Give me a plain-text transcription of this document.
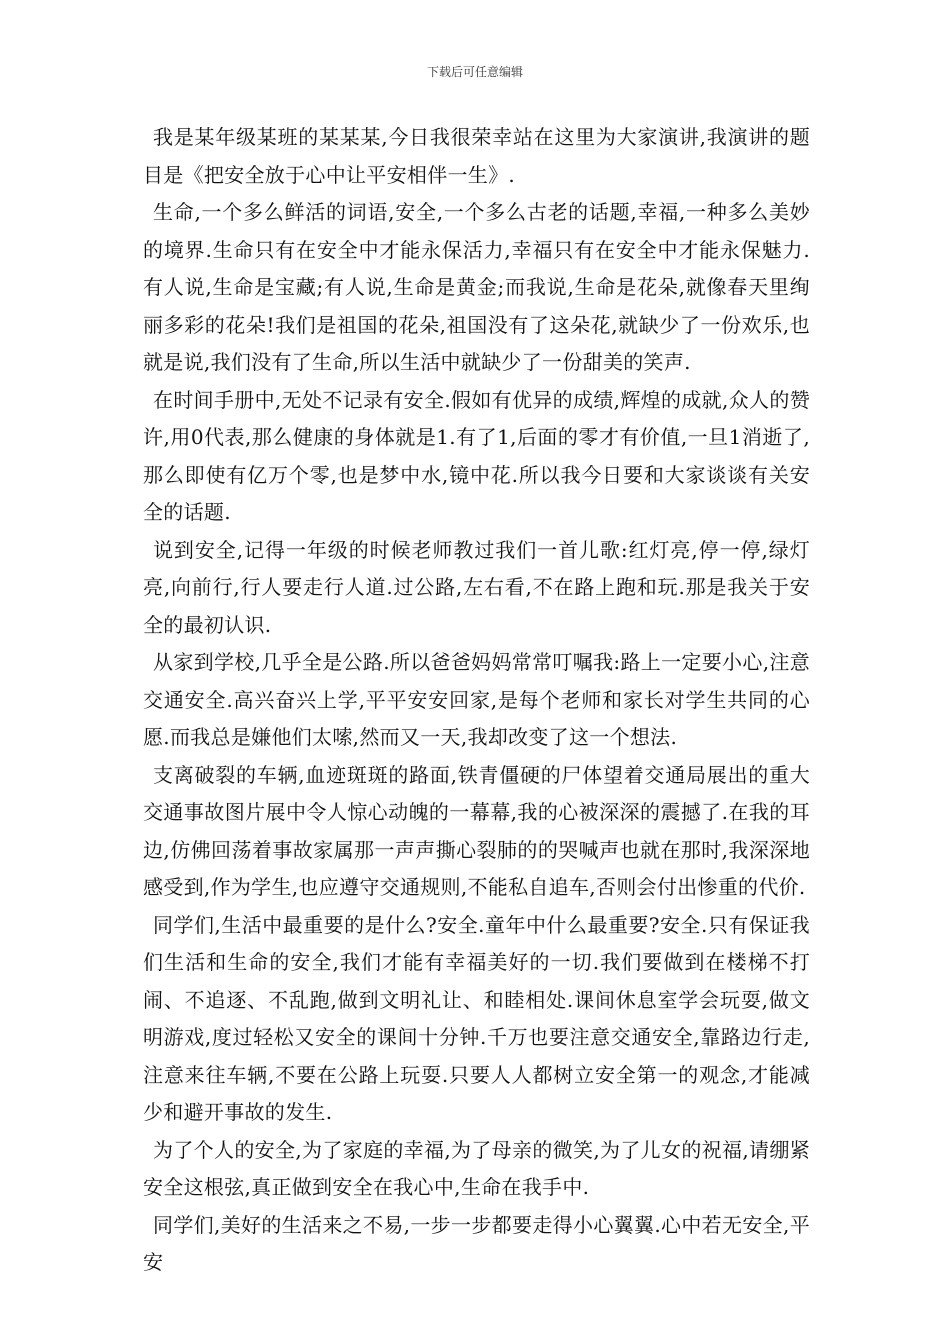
下载后可任意编辑

我是某年级某班的某某某,今日我很荣幸站在这里为大家演讲,我演讲的题目是《把安全放于心中让平安相伴一生》.

生命,一个多么鲜活的词语,安全,一个多么古老的话题,幸福,一种多么美妙的境界.生命只有在安全中才能永保活力,幸福只有在安全中才能永保魅力.有人说,生命是宝藏;有人说,生命是黄金;而我说,生命是花朵,就像春天里绚丽多彩的花朵!我们是祖国的花朵,祖国没有了这朵花,就缺少了一份欢乐,也就是说,我们没有了生命,所以生活中就缺少了一份甜美的笑声.

在时间手册中,无处不记录有安全.假如有优异的成绩,辉煌的成就,众人的赞许,用0代表,那么健康的身体就是1.有了1,后面的零才有价值,一旦1消逝了,那么即使有亿万个零,也是梦中水,镜中花.所以我今日要和大家谈谈有关安全的话题.

说到安全,记得一年级的时候老师教过我们一首儿歌:红灯亮,停一停,绿灯亮,向前行,行人要走行人道.过公路,左右看,不在路上跑和玩.那是我关于安全的最初认识.

从家到学校,几乎全是公路.所以爸爸妈妈常常叮嘱我:路上一定要小心,注意交通安全.高兴奋兴上学,平平安安回家,是每个老师和家长对学生共同的心愿.而我总是嫌他们太嗦,然而又一天,我却改变了这一个想法.

支离破裂的车辆,血迹斑斑的路面,铁青僵硬的尸体望着交通局展出的重大交通事故图片展中令人惊心动魄的一幕幕,我的心被深深的震撼了.在我的耳边,仿佛回荡着事故家属那一声声撕心裂肺的的哭喊声也就在那时,我深深地感受到,作为学生,也应遵守交通规则,不能私自追车,否则会付出惨重的代价.

同学们,生活中最重要的是什么?安全.童年中什么最重要?安全.只有保证我们生活和生命的安全,我们才能有幸福美好的一切.我们要做到在楼梯不打闹、不追逐、不乱跑,做到文明礼让、和睦相处.课间休息室学会玩耍,做文明游戏,度过轻松又安全的课间十分钟.千万也要注意交通安全,靠路边行走,注意来往车辆,不要在公路上玩耍.只要人人都树立安全第一的观念,才能减少和避开事故的发生.

为了个人的安全,为了家庭的幸福,为了母亲的微笑,为了儿女的祝福,请绷紧安全这根弦,真正做到安全在我心中,生命在我手中.

同学们,美好的生活来之不易,一步一步都要走得小心翼翼.心中若无安全,平安
